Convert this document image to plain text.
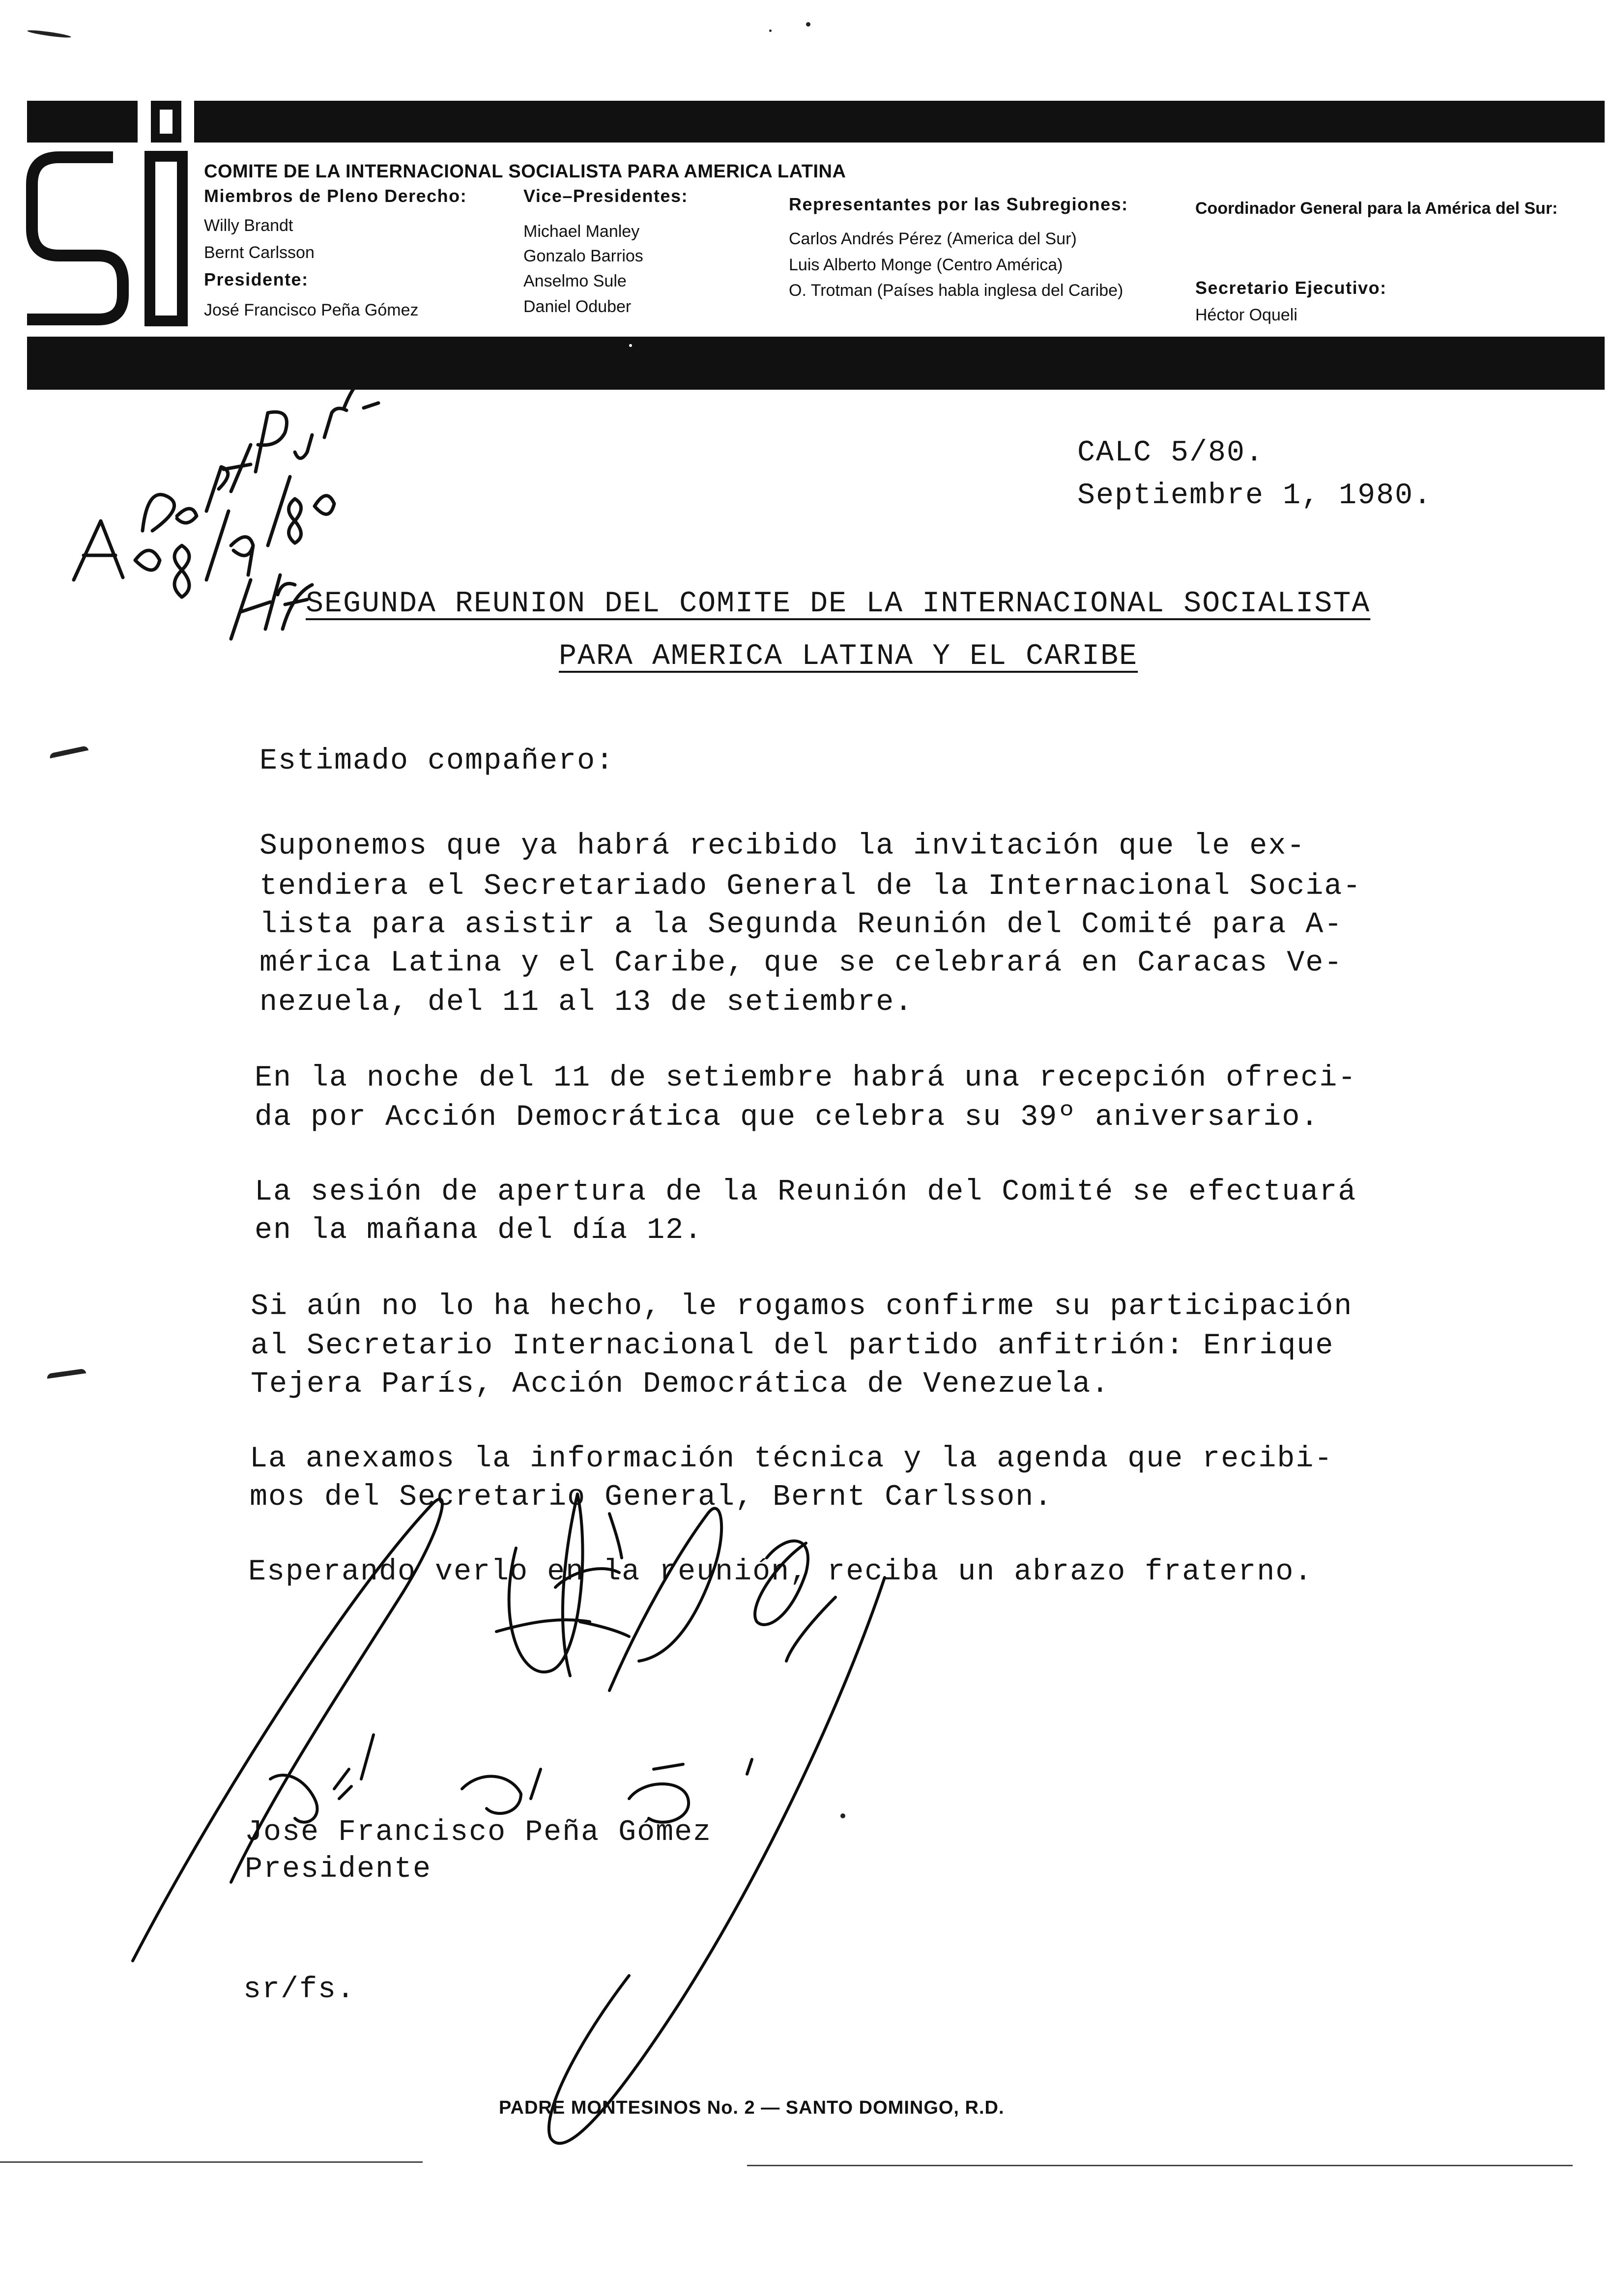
COMITE DE LA INTERNACIONAL SOCIALISTA PARA AMERICA LATINA
Miembros de Pleno Derecho:
Willy Brandt
Bernt Carlsson
Presidente:
José Francisco Peña Gómez
Vice–Presidentes:
Michael Manley
Gonzalo Barrios
Anselmo Sule
Daniel Oduber
Representantes por las Subregiones:
Carlos Andrés Pérez (America del Sur)
Luis Alberto Monge (Centro América)
O. Trotman (Países habla inglesa del Caribe)
Coordinador General para la América del Sur:
Secretario Ejecutivo:
Héctor Oqueli
CALC 5/80.
Septiembre 1, 1980.
SEGUNDA REUNION DEL COMITE DE LA INTERNACIONAL SOCIALISTA
PARA AMERICA LATINA Y EL CARIBE
Estimado compañero:
Suponemos que ya habrá recibido la invitación que le ex-
tendiera el Secretariado General de la Internacional Socia-
lista para asistir a la Segunda Reunión del Comité para A-
mérica Latina y el Caribe, que se celebrará en Caracas Ve-
nezuela, del 11 al 13 de setiembre.
En la noche del 11 de setiembre habrá una recepción ofreci-
da por Acción Democrática que celebra su 39º aniversario.
La sesión de apertura de la Reunión del Comité se efectuará
en la mañana del día 12.
Si aún no lo ha hecho, le rogamos confirme su participación
al Secretario Internacional del partido anfitrión: Enrique
Tejera París, Acción Democrática de Venezuela.
La anexamos la información técnica y la agenda que recibi-
mos del Secretario General, Bernt Carlsson.
Esperando verlo en la reunión, reciba un abrazo fraterno.
José Francisco Peña Gómez
Presidente
sr/fs.
PADRE MONTESINOS No. 2 — SANTO DOMINGO, R.D.
